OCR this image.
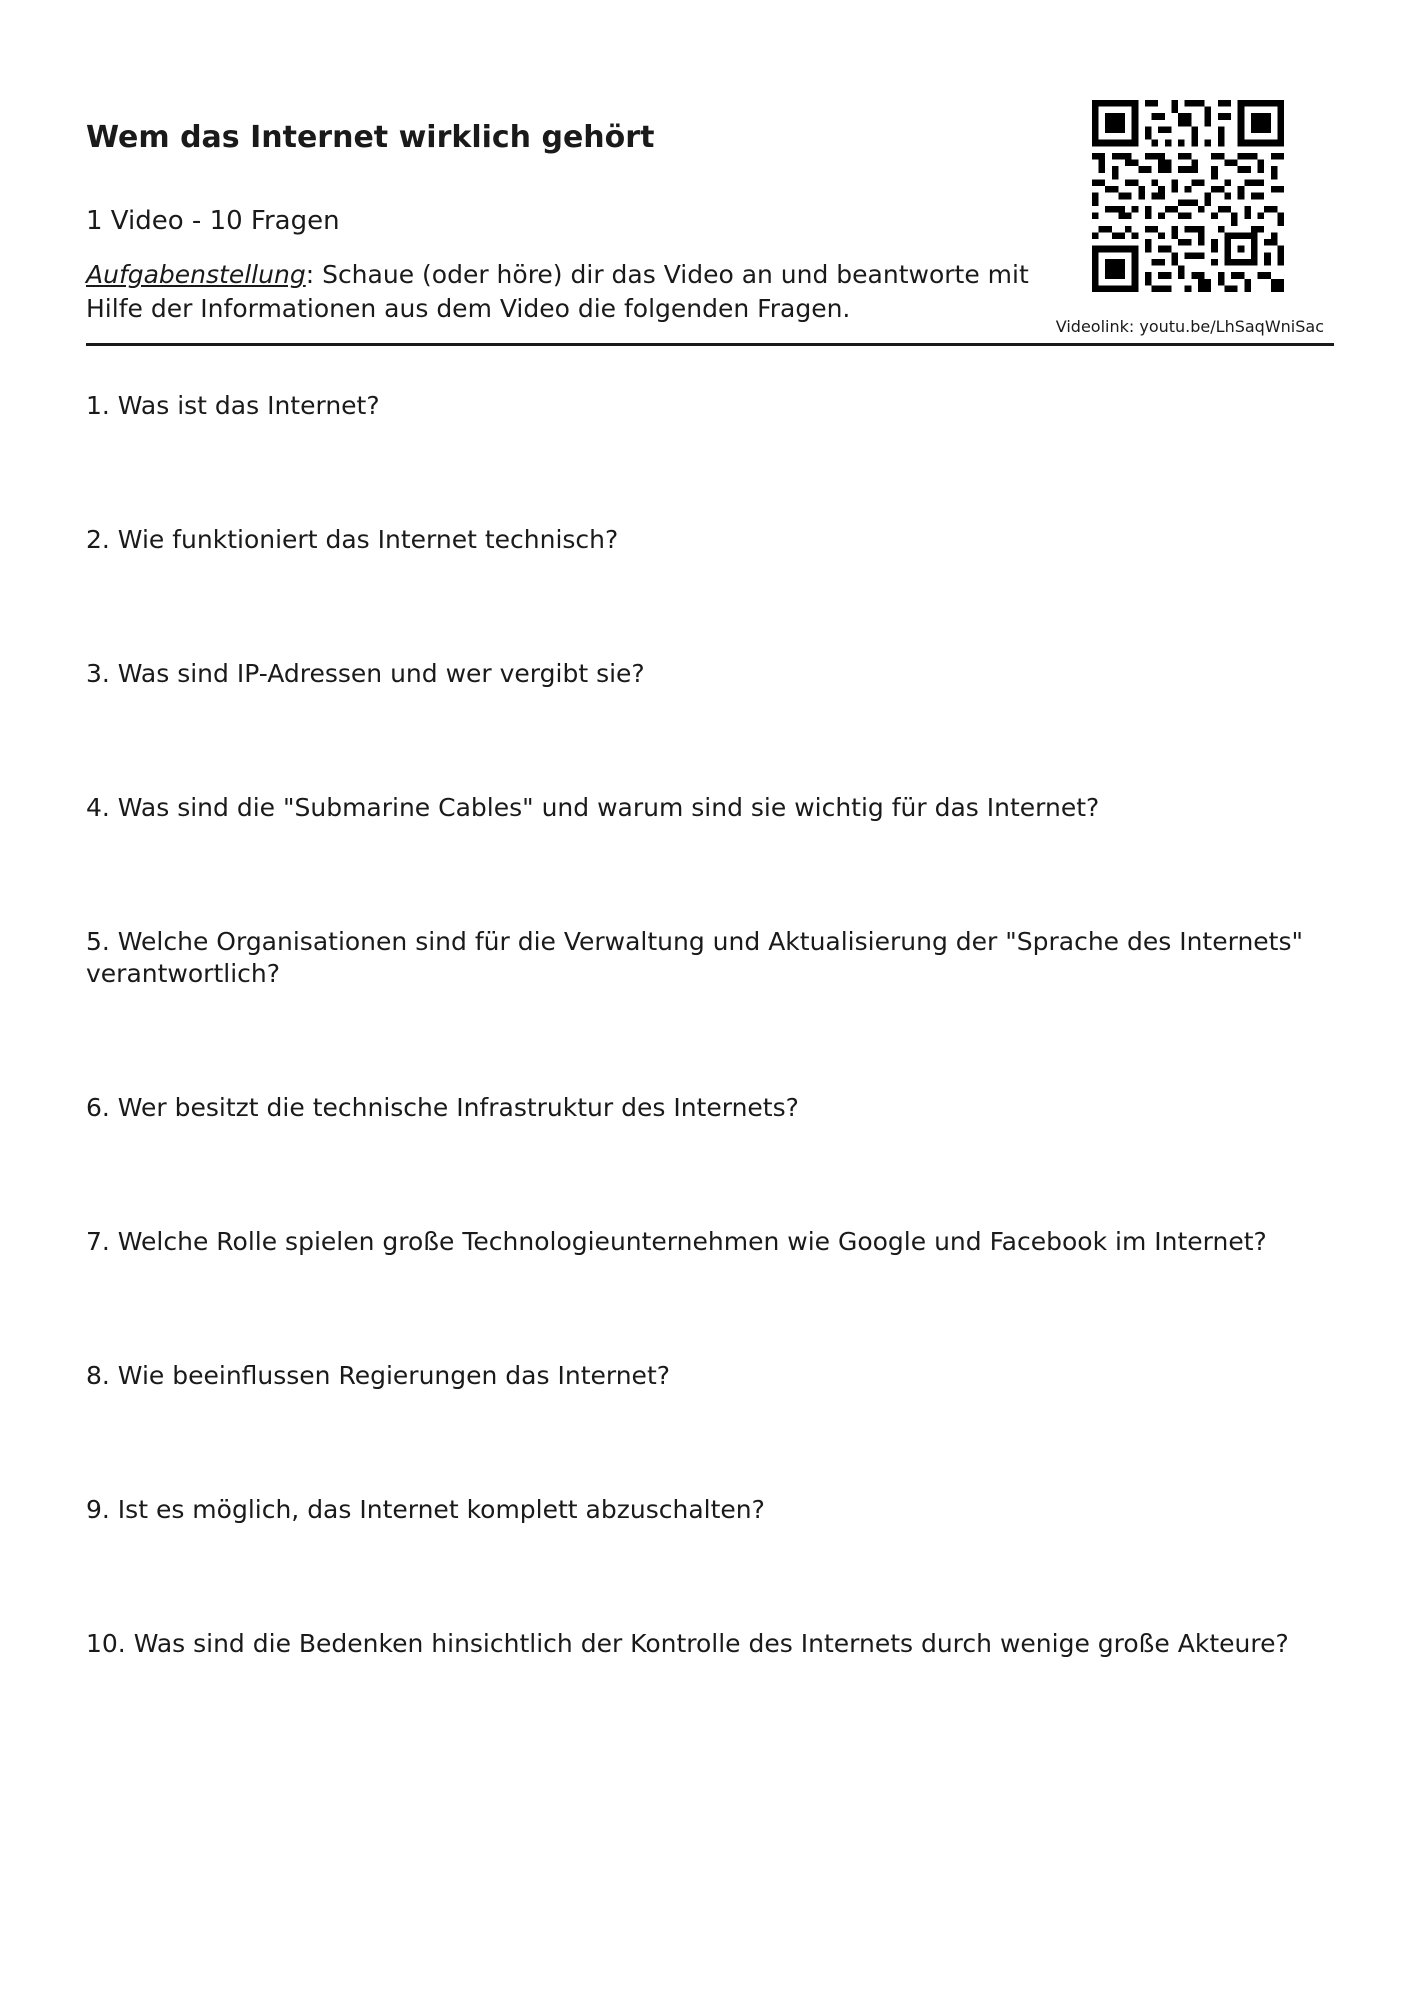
Wem das Internet wirklich gehört

1 Video - 10 Fragen

Aufgabenstellung: Schaue (oder höre) dir das Video an und beantworte mit Hilfe der Informationen aus dem Video die folgenden Fragen.

Videolink: youtu.be/LhSaqWniSac

1. Was ist das Internet?

2. Wie funktioniert das Internet technisch?

3. Was sind IP-Adressen und wer vergibt sie?

4. Was sind die "Submarine Cables" und warum sind sie wichtig für das Internet?

5. Welche Organisationen sind für die Verwaltung und Aktualisierung der "Sprache des Internets" verantwortlich?

6. Wer besitzt die technische Infrastruktur des Internets?

7. Welche Rolle spielen große Technologieunternehmen wie Google und Facebook im Internet?

8. Wie beeinflussen Regierungen das Internet?

9. Ist es möglich, das Internet komplett abzuschalten?

10. Was sind die Bedenken hinsichtlich der Kontrolle des Internets durch wenige große Akteure?
